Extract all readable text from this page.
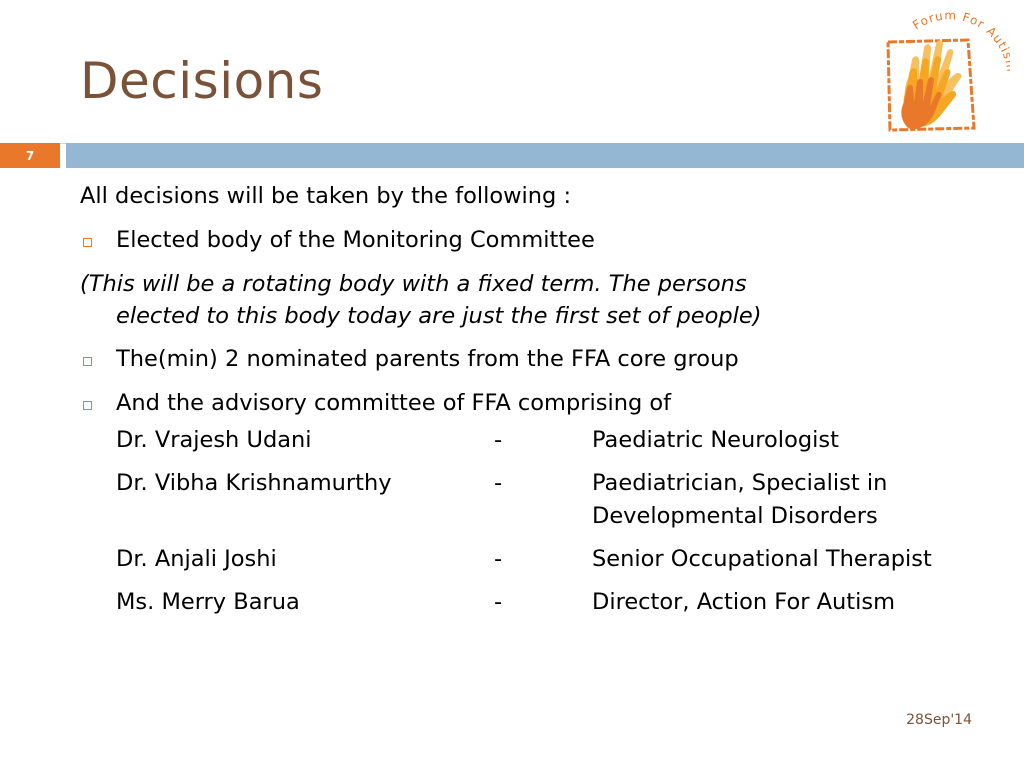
Decisions
Forum For Aut
7

All decisions will be taken by the following :

Elected body of the Monitoring Committee
(This will be a rotating body with a fixed term. The persons
elected to this body today are just the first set of people)
The(min) 2 nominated parents from the FFA core group
And the advisory committee of FFA comprising of
Dr. Vrajesh Udani	-	Paediatric Neurologist
Dr. Vibha Krishnamurthy	-	Paediatrician, Specialist in Developmental Disorders
Dr. Anjali Joshi	-	Senior Occupational Therapist
Ms. Merry Barua	-	Director, Action For Autism
28Sep'14
